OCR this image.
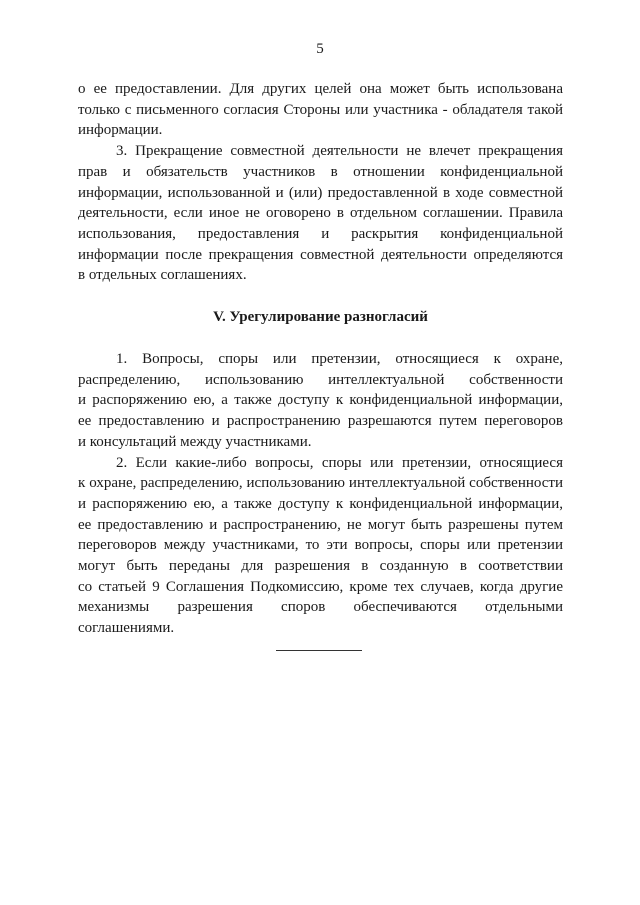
5
о ее предоставлении. Для других целей она может быть использована
только с письменного согласия Стороны или участника - обладателя такой
информации.
3. Прекращение совместной деятельности не влечет прекращения
прав и обязательств участников в отношении конфиденциальной
информации, использованной и (или) предоставленной в ходе совместной
деятельности, если иное не оговорено в отдельном соглашении. Правила
использования, предоставления и раскрытия конфиденциальной
информации после прекращения совместной деятельности определяются
в отдельных соглашениях.
V. Урегулирование разногласий
1. Вопросы, споры или претензии, относящиеся к охране,
распределению, использованию интеллектуальной собственности
и распоряжению ею, а также доступу к конфиденциальной информации,
ее предоставлению и распространению разрешаются путем переговоров
и консультаций между участниками.
2. Если какие-либо вопросы, споры или претензии, относящиеся
к охране, распределению, использованию интеллектуальной собственности
и распоряжению ею, а также доступу к конфиденциальной информации,
ее предоставлению и распространению, не могут быть разрешены путем
переговоров между участниками, то эти вопросы, споры или претензии
могут быть переданы для разрешения в созданную в соответствии
со статьей 9 Соглашения Подкомиссию, кроме тех случаев, когда другие
механизмы разрешения споров обеспечиваются отдельными
соглашениями.
